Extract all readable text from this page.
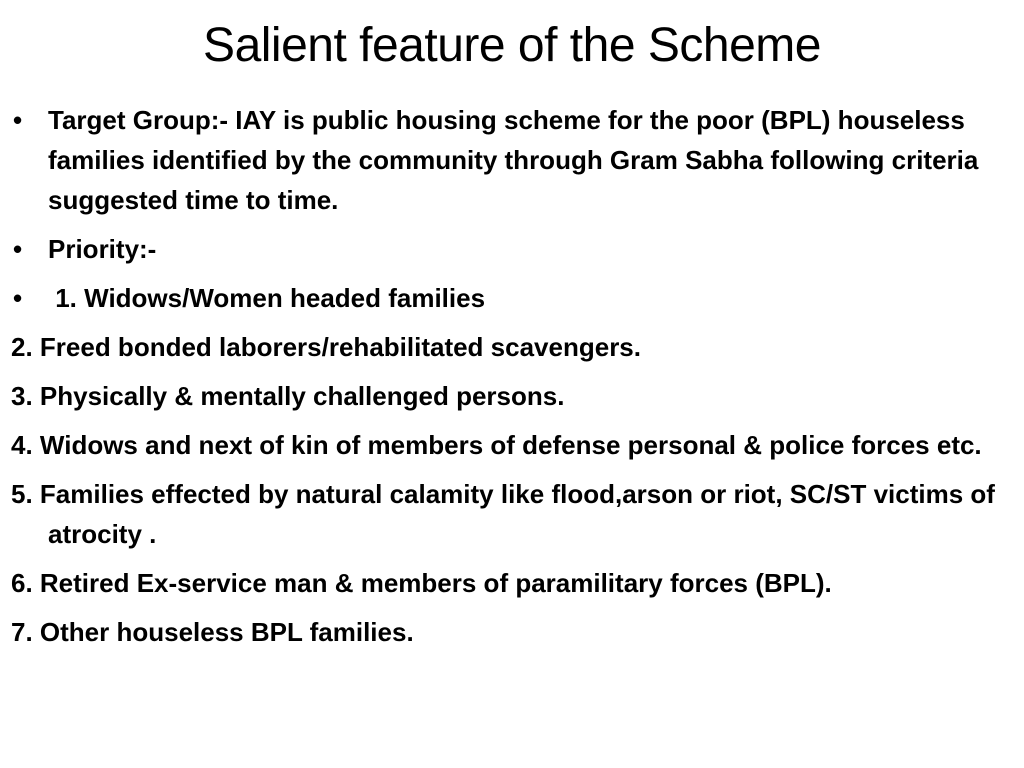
Salient feature of the Scheme
• Target Group:- IAY is public housing scheme for the poor (BPL) houseless families identified by the community through Gram Sabha following criteria suggested time to time.
• Priority:-
• 1. Widows/Women headed families
2. Freed bonded laborers/rehabilitated scavengers.
3. Physically & mentally challenged persons.
4. Widows and next of kin of members of defense personal & police forces etc.
5. Families effected by natural calamity like flood,arson or riot, SC/ST victims of atrocity .
6. Retired Ex-service man & members of paramilitary forces (BPL).
7. Other houseless BPL families.
